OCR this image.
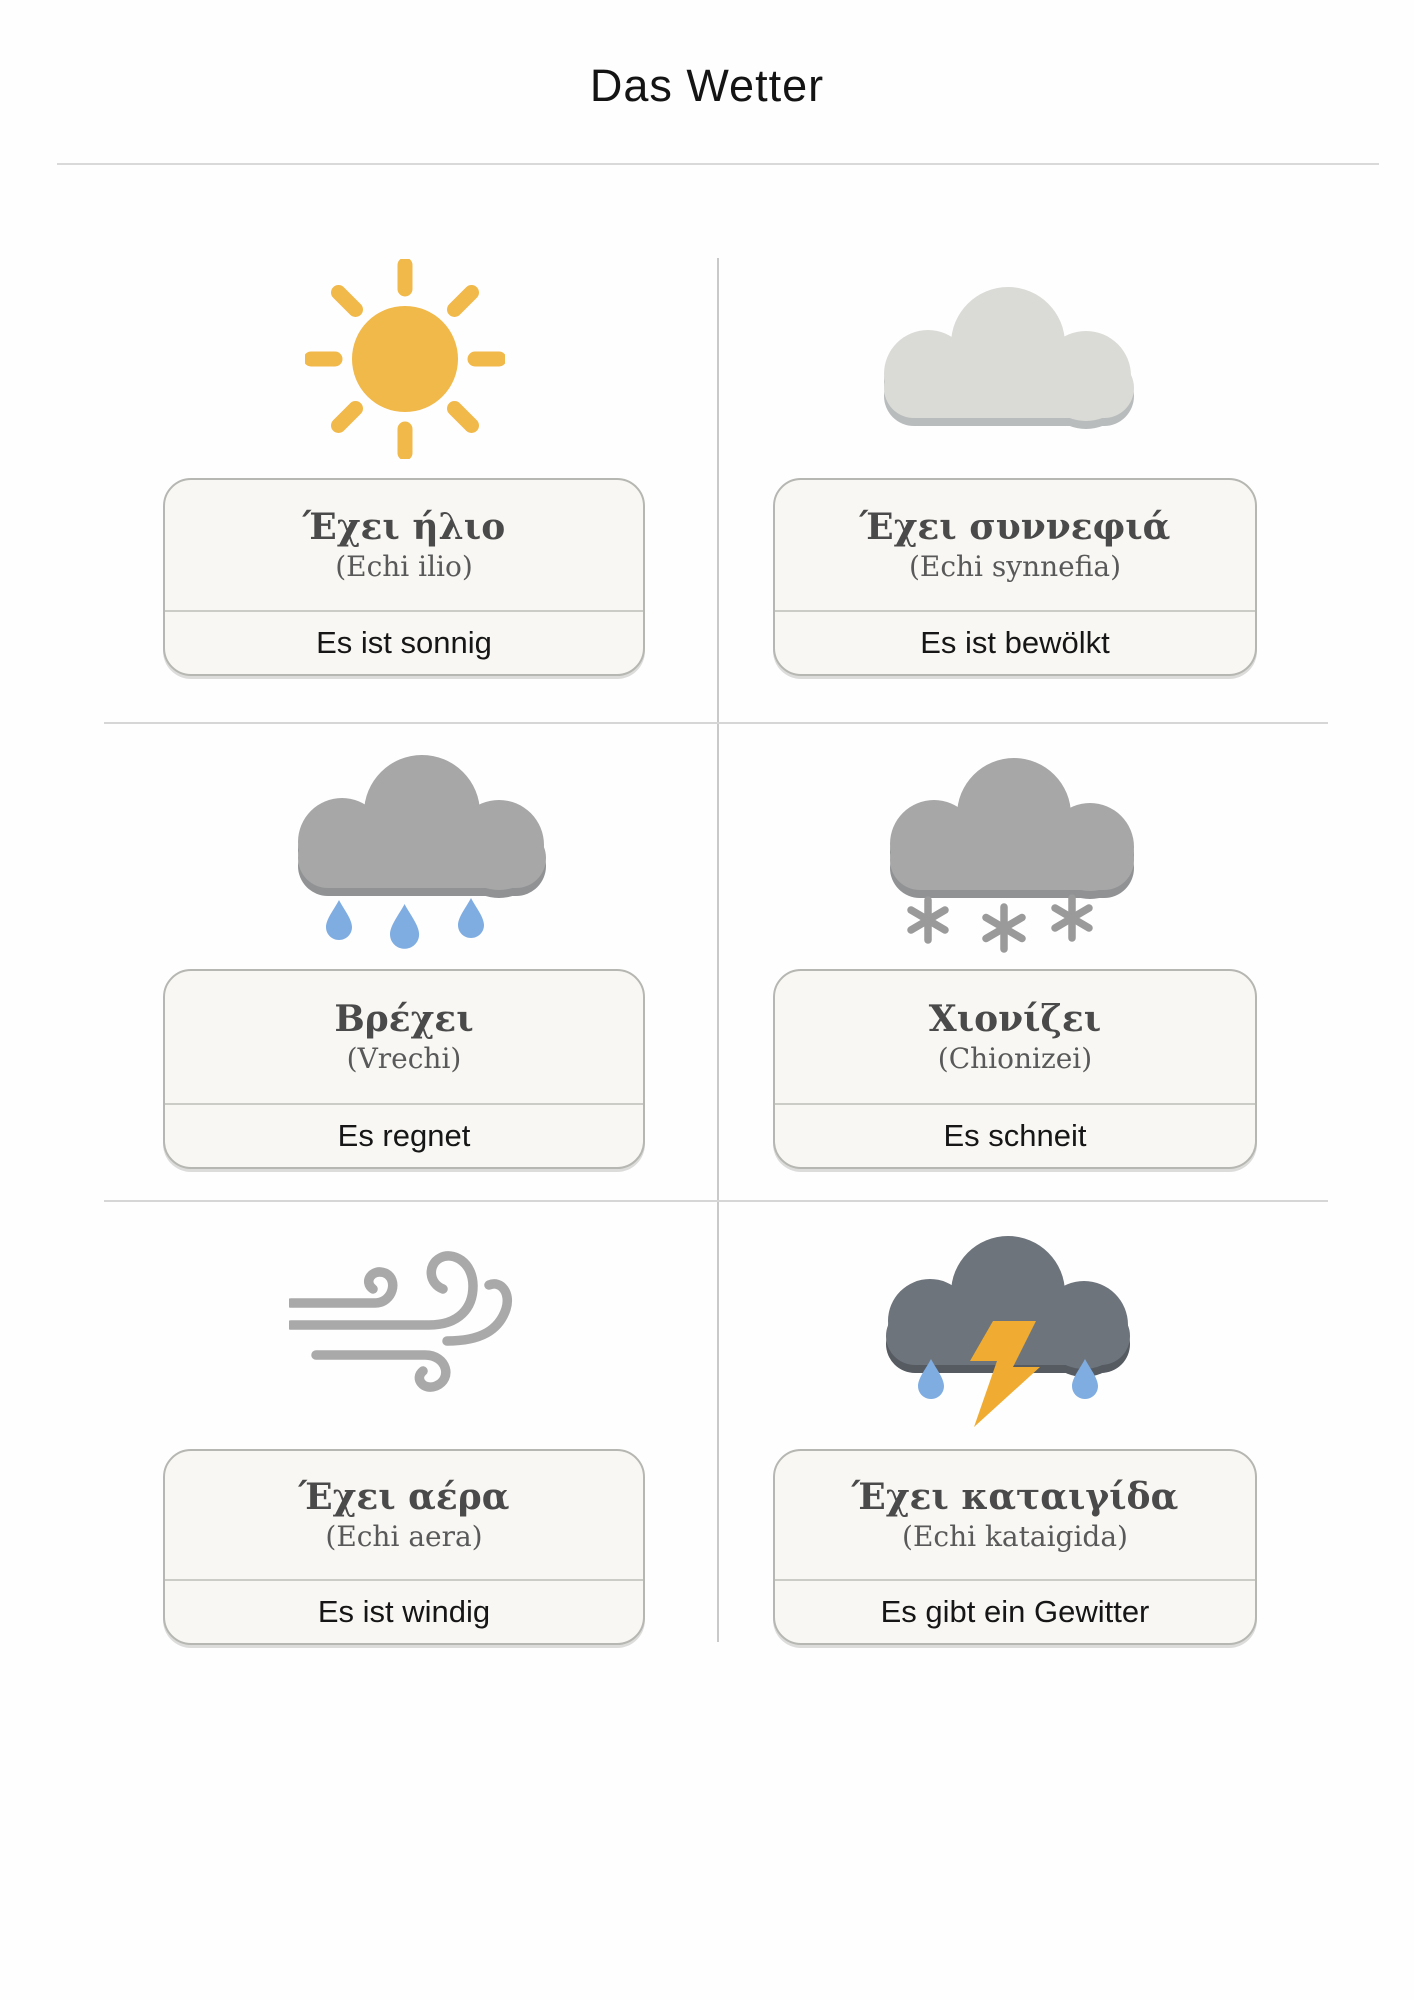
Das Wetter
Έχει ήλιο
(Echi ilio)
Es ist sonnig
Έχει συννεφιά
(Echi synnefia)
Es ist bewölkt
Βρέχει
(Vrechi)
Es regnet
Χιονίζει
(Chionizei)
Es schneit
Έχει αέρα
(Echi aera)
Es ist windig
Έχει καταιγίδα
(Echi kataigida)
Es gibt ein Gewitter
